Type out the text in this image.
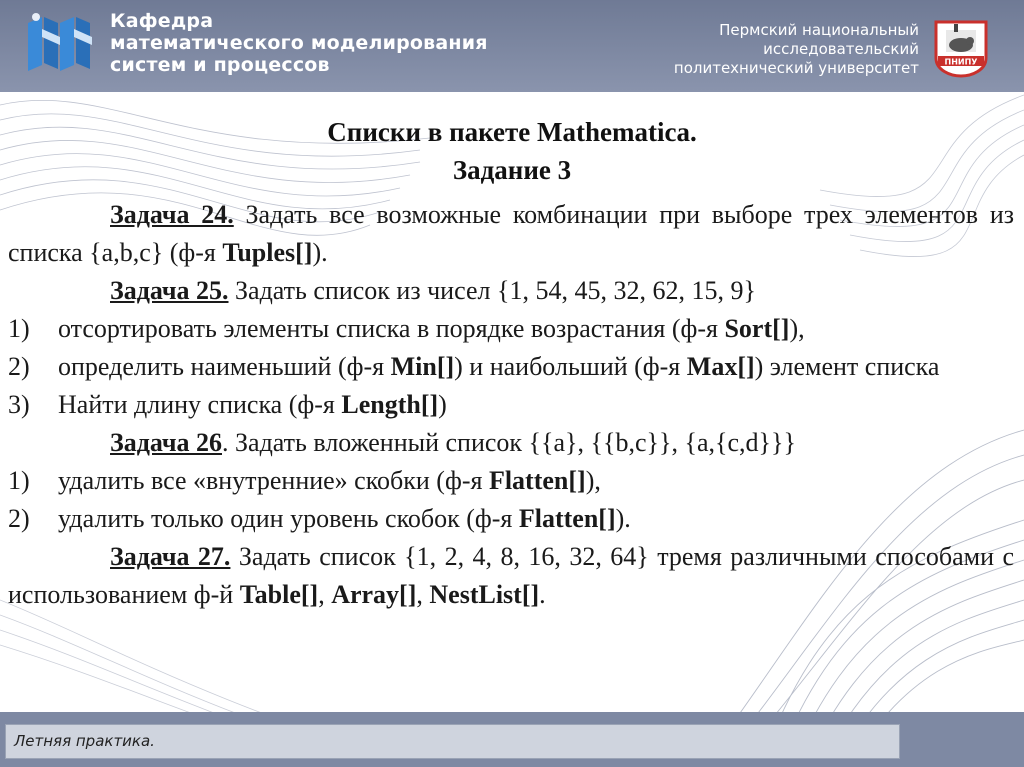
Кафедра
математического моделирования
систем и процессов
Пермский национальный
исследовательский
политехнический университет	ПНИПУ
Списки в пакете Mathematica.
Задание 3

Задача 24. Задать все возможные комбинации при выборе трех элементов из списка {a,b,c} (ф-я Tuples[]).

Задача 25. Задать список из чисел {1, 54, 45, 32, 62, 15, 9}

1)	отсортировать элементы списка в порядке возрастания (ф-я Sort[]),
2)	определить наименьший (ф-я Min[]) и наибольший (ф-я Max[]) элемент списка
3)	Найти длину списка (ф-я Length[])

Задача 26. Задать вложенный список {{a}, {{b,c}}, {a,{c,d}}}

1)	удалить все «внутренние» скобки (ф-я Flatten[]),
2)	удалить только один уровень скобок (ф-я Flatten[]).

Задача 27. Задать список {1, 2, 4, 8, 16, 32, 64} тремя различными способами с использованием ф-й Table[], Array[], NestList[].

Летняя практика.
